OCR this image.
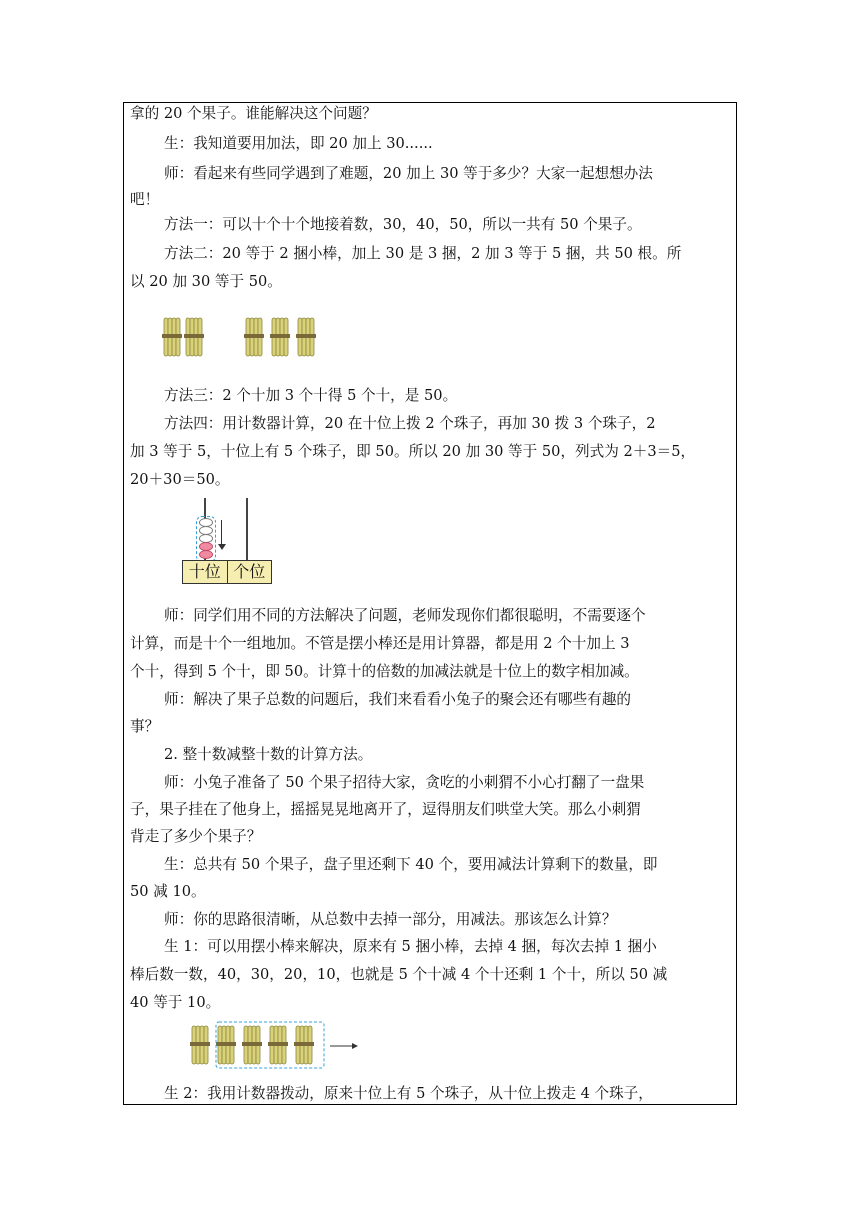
拿的 20 个果子。谁能解决这个问题？
生：我知道要用加法，即 20 加上 30......
师：看起来有些同学遇到了难题，20 加上 30 等于多少？大家一起想想办法
吧！
方法一：可以十个十个地接着数，30，40，50，所以一共有 50 个果子。
方法二：20 等于 2 捆小棒，加上 30 是 3 捆，2 加 3 等于 5 捆，共 50 根。所
以 20 加 30 等于 50。
方法三：2 个十加 3 个十得 5 个十，是 50。
方法四：用计数器计算，20 在十位上拨 2 个珠子，再加 30 拨 3 个珠子，2
加 3 等于 5，十位上有 5 个珠子，即 50。所以 20 加 30 等于 50，列式为 2＋3＝5，
20＋30＝50。
十位 个位
师：同学们用不同的方法解决了问题，老师发现你们都很聪明，不需要逐个
计算，而是十个一组地加。不管是摆小棒还是用计算器，都是用 2 个十加上 3
个十，得到 5 个十，即 50。计算十的倍数的加减法就是十位上的数字相加减。
师：解决了果子总数的问题后，我们来看看小兔子的聚会还有哪些有趣的
事？
2. 整十数减整十数的计算方法。
师：小兔子准备了 50 个果子招待大家，贪吃的小刺猬不小心打翻了一盘果
子，果子挂在了他身上，摇摇晃晃地离开了，逗得朋友们哄堂大笑。那么小刺猬
背走了多少个果子？
生：总共有 50 个果子，盘子里还剩下 40 个，要用减法计算剩下的数量，即
50 减 10。
师：你的思路很清晰，从总数中去掉一部分，用减法。那该怎么计算？
生 1：可以用摆小棒来解决，原来有 5 捆小棒，去掉 4 捆，每次去掉 1 捆小
棒后数一数，40，30，20，10，也就是 5 个十减 4 个十还剩 1 个十，所以 50 减
40 等于 10。
生 2：我用计数器拨动，原来十位上有 5 个珠子，从十位上拨走 4 个珠子，
